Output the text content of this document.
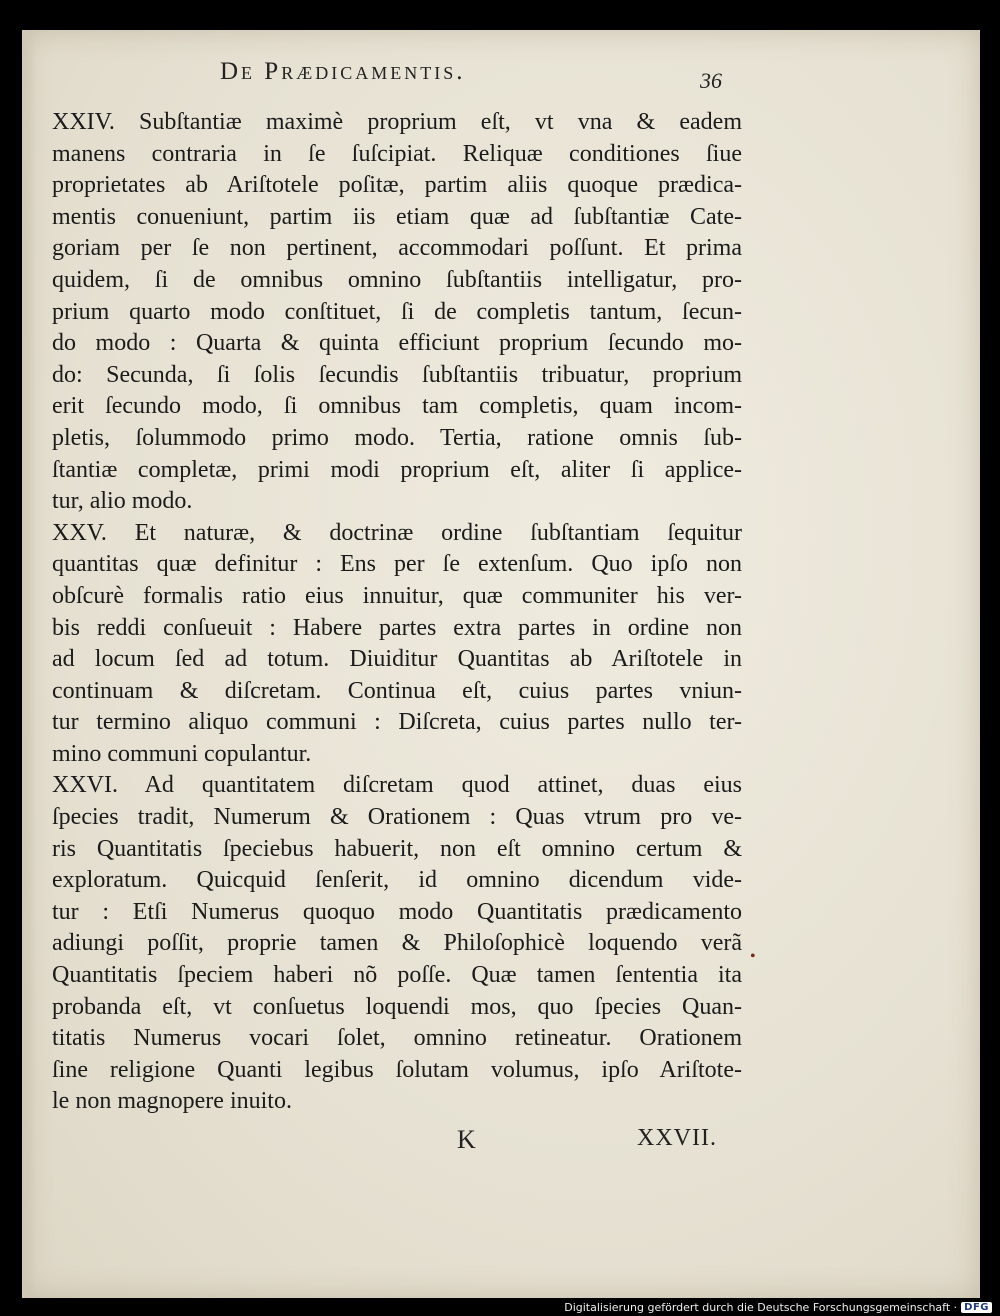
De Prædicamentis.	36
XXIV. Subſtantiæ maximè proprium eſt, vt vna & eadem
manens contraria in ſe ſuſcipiat. Reliquæ conditiones ſiue
proprietates ab Ariſtotele poſitæ, partim aliis quoque prædica-
mentis conueniunt, partim iis etiam quæ ad ſubſtantiæ Cate-
goriam per ſe non pertinent, accommodari poſſunt. Et prima
quidem, ſi de omnibus omnino ſubſtantiis intelligatur, pro-
prium quarto modo conſtituet, ſi de completis tantum, ſecun-
do modo : Quarta & quinta efficiunt proprium ſecundo mo-
do: Secunda, ſi ſolis ſecundis ſubſtantiis tribuatur, proprium
erit ſecundo modo, ſi omnibus tam completis, quam incom-
pletis, ſolummodo primo modo. Tertia, ratione omnis ſub-
ſtantiæ completæ, primi modi proprium eſt, aliter ſi applice-
tur, alio modo.
XXV. Et naturæ, & doctrinæ ordine ſubſtantiam ſequitur
quantitas quæ definitur : Ens per ſe extenſum. Quo ipſo non
obſcurè formalis ratio eius innuitur, quæ communiter his ver-
bis reddi conſueuit : Habere partes extra partes in ordine non
ad locum ſed ad totum. Diuiditur Quantitas ab Ariſtotele in
continuam & diſcretam. Continua eſt, cuius partes vniun-
tur termino aliquo communi : Diſcreta, cuius partes nullo ter-
mino communi copulantur.
XXVI. Ad quantitatem diſcretam quod attinet, duas eius
ſpecies tradit, Numerum & Orationem : Quas vtrum pro ve-
ris Quantitatis ſpeciebus habuerit, non eſt omnino certum &
exploratum. Quicquid ſenſerit, id omnino dicendum vide-
tur : Etſi Numerus quoquo modo Quantitatis prædicamento
adiungi poſſit, proprie tamen & Philoſophicè loquendo verã
Quantitatis ſpeciem haberi nõ poſſe. Quæ tamen ſententia ita
probanda eſt, vt conſuetus loquendi mos, quo ſpecies Quan-
titatis Numerus vocari ſolet, omnino retineatur. Orationem
ſine religione Quanti legibus ſolutam volumus, ipſo Ariſtote-
le non magnopere inuito.
•
K	XXVII.
Digitalisierung gefördert durch die Deutsche Forschungsgemeinschaft · DFG
